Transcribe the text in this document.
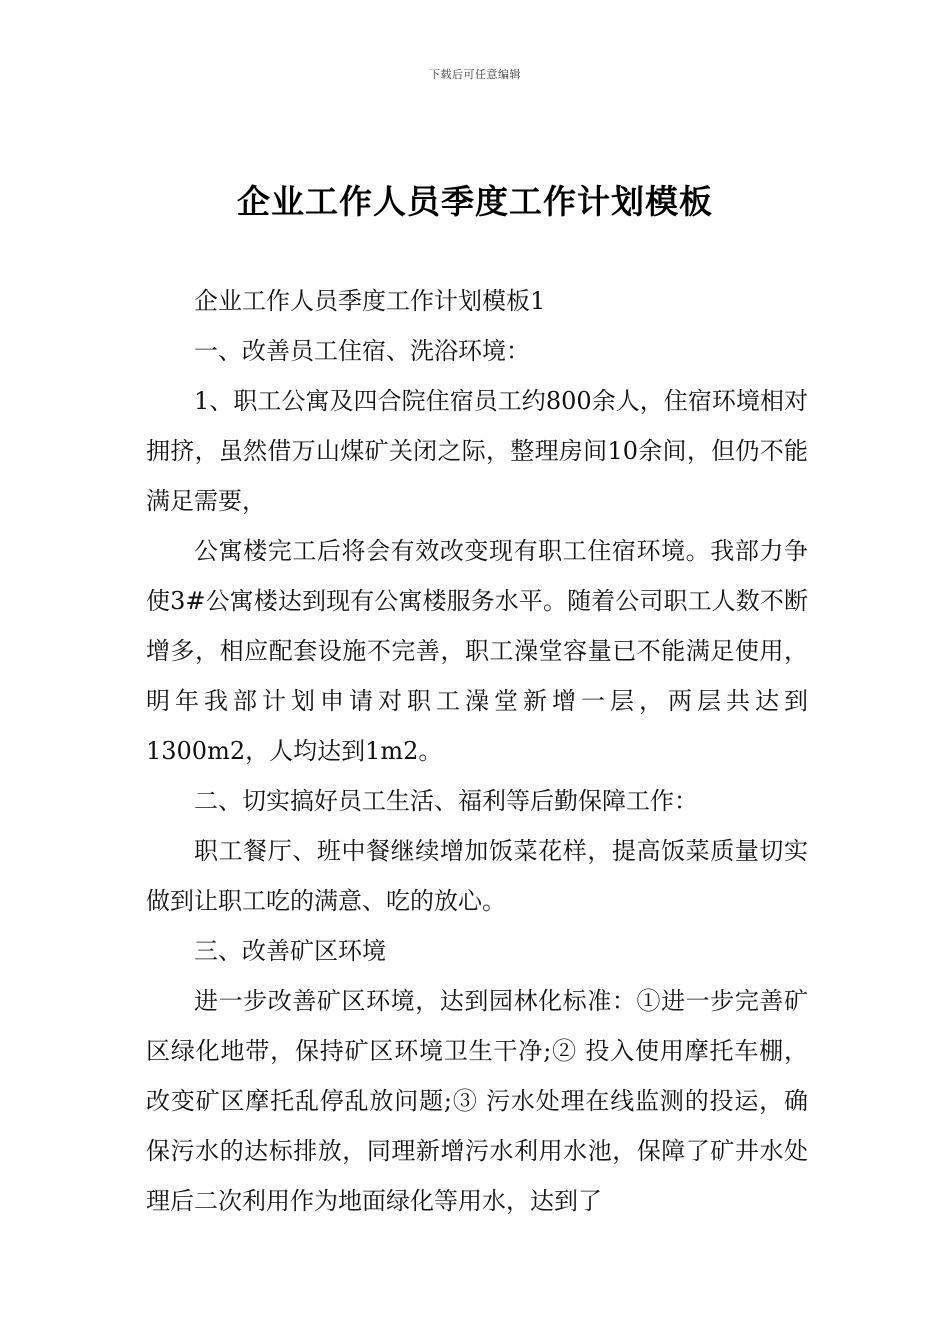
下载后可任意编辑
企业工作人员季度工作计划模板

企业工作人员季度工作计划模板1

一、改善员工住宿、洗浴环境：

1、职工公寓及四合院住宿员工约800余人，住宿环境相对拥挤，虽然借万山煤矿关闭之际，整理房间10余间，但仍不能满足需要，

公寓楼完工后将会有效改变现有职工住宿环境。我部力争使3#公寓楼达到现有公寓楼服务水平。随着公司职工人数不断增多，相应配套设施不完善，职工澡堂容量已不能满足使用，明年我部计划申请对职工澡堂新增一层，两层共达到1300m2，人均达到1m2。

二、切实搞好员工生活、福利等后勤保障工作：

职工餐厅、班中餐继续增加饭菜花样，提高饭菜质量切实做到让职工吃的满意、吃的放心。

三、改善矿区环境

进一步改善矿区环境，达到园林化标准：①进一步完善矿区绿化地带，保持矿区环境卫生干净;② 投入使用摩托车棚，改变矿区摩托乱停乱放问题;③ 污水处理在线监测的投运，确保污水的达标排放，同理新增污水利用水池，保障了矿井水处理后二次利用作为地面绿化等用水，达到了
